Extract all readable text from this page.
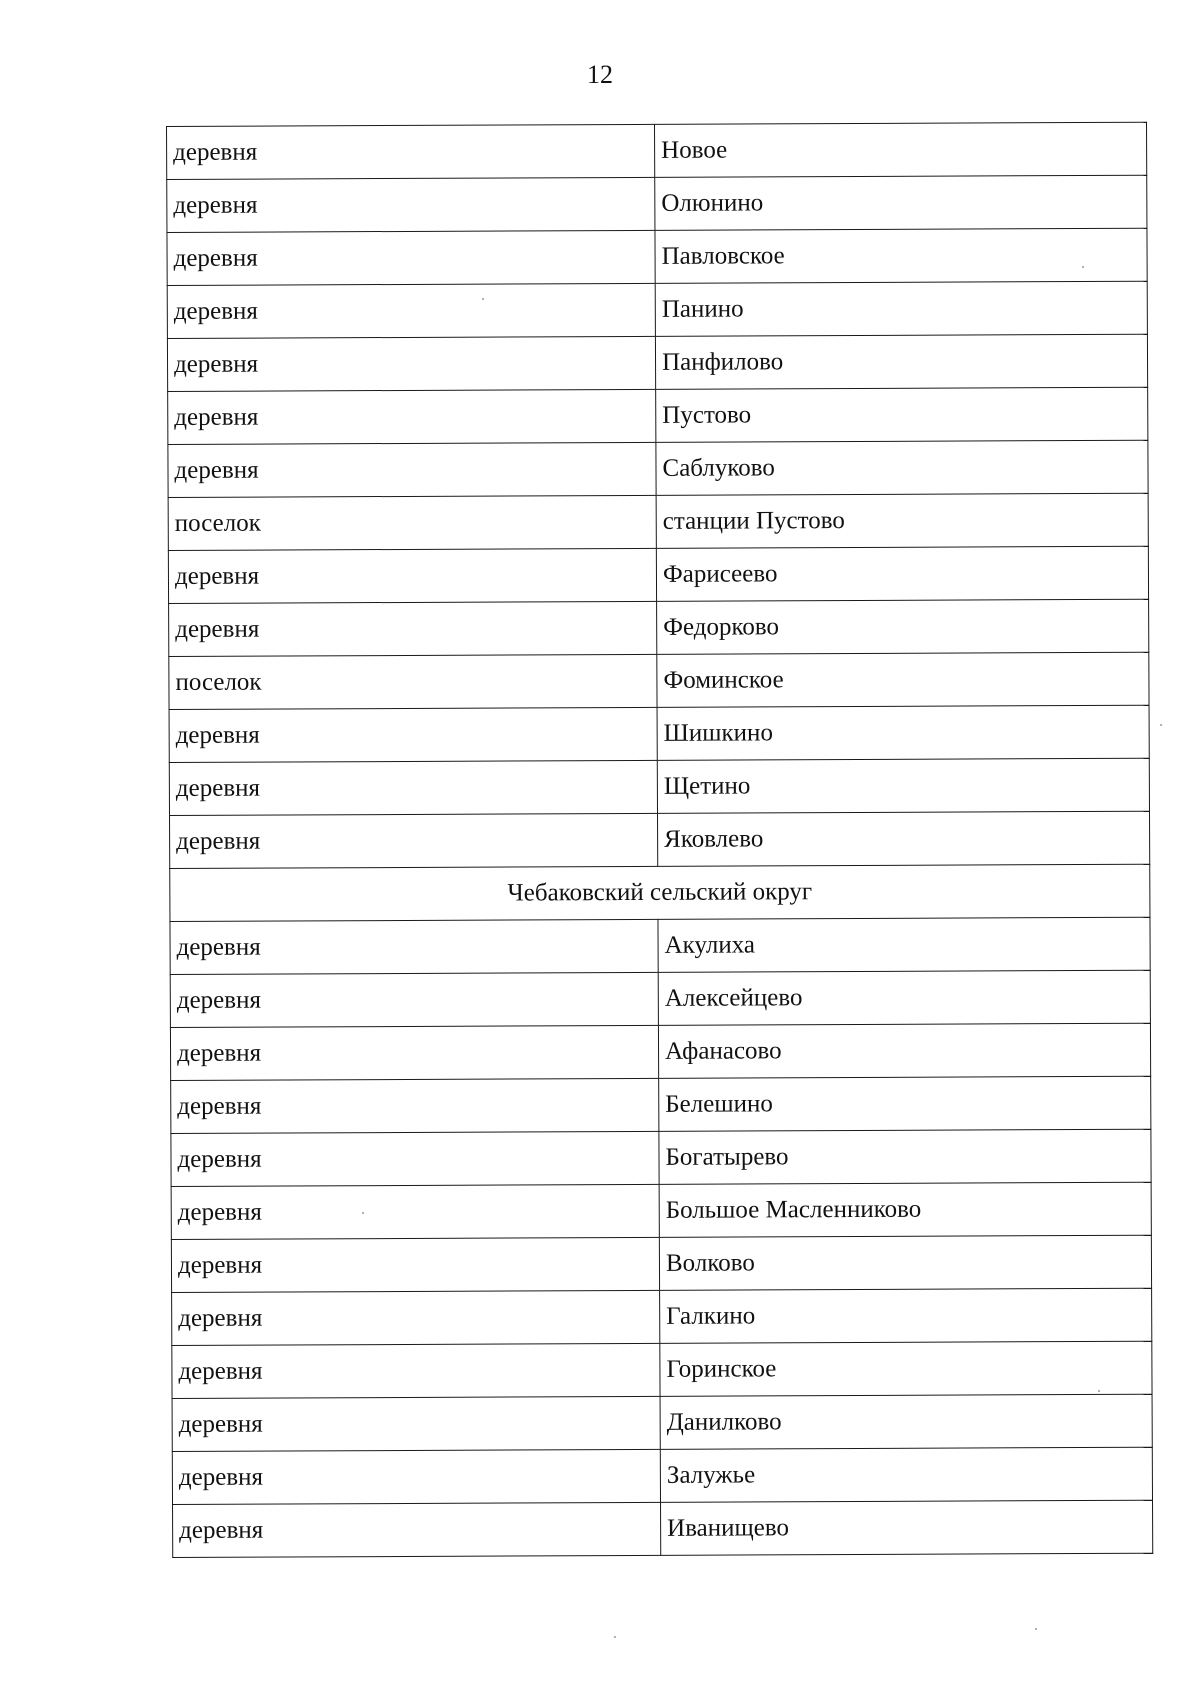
12
деревня	Новое
деревня	Олюнино
деревня	Павловское
деревня	Панино
деревня	Панфилово
деревня	Пустово
деревня	Саблуково
поселок	станции Пустово
деревня	Фарисеево
деревня	Федорково
поселок	Фоминское
деревня	Шишкино
деревня	Щетино
деревня	Яковлево
Чебаковский сельский округ	
деревня	Акулиха
деревня	Алексейцево
деревня	Афанасово
деревня	Белешино
деревня	Богатырево
деревня	Большое Масленниково
деревня	Волково
деревня	Галкино
деревня	Горинское
деревня	Данилково
деревня	Залужье
деревня	Иванищево
